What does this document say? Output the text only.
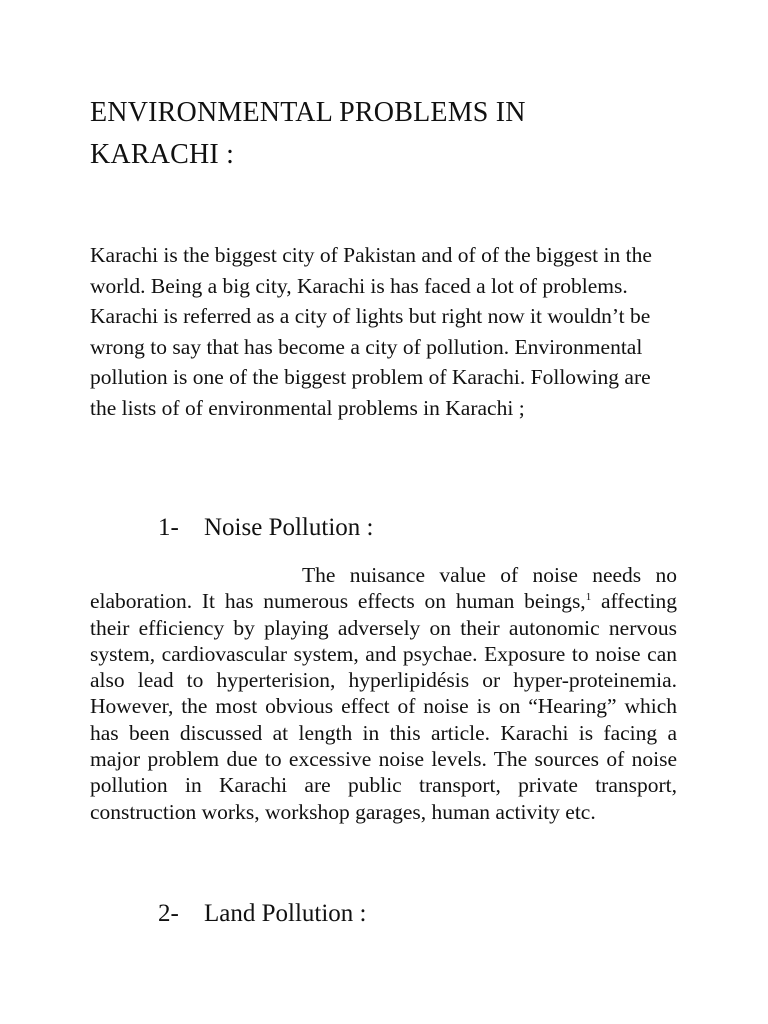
ENVIRONMENTAL PROBLEMS IN KARACHI :

Karachi is the biggest city of Pakistan and of of the biggest in the world. Being a big city, Karachi is has faced a lot of problems. Karachi is referred as a city of lights but right now it wouldn’t be wrong to say that has become a city of pollution. Environmental pollution is one of the biggest problem of Karachi. Following are the lists of of environmental problems in Karachi ;

1- Noise Pollution :

The nuisance value of noise needs no elaboration. It has numerous effects on human beings,$^1$ affecting their efficiency by playing adversely on their autonomic nervous system, cardiovascular system, and psychae. Exposure to noise can also lead to hyperterision, hyperlipidésis or hyper-proteinemia. However, the most obvious effect of noise is on “Hearing” which has been discussed at length in this article. Karachi is facing a major problem due to excessive noise levels. The sources of noise pollution in Karachi are public transport, private transport, construction works, workshop garages, human activity etc.

2- Land Pollution :
